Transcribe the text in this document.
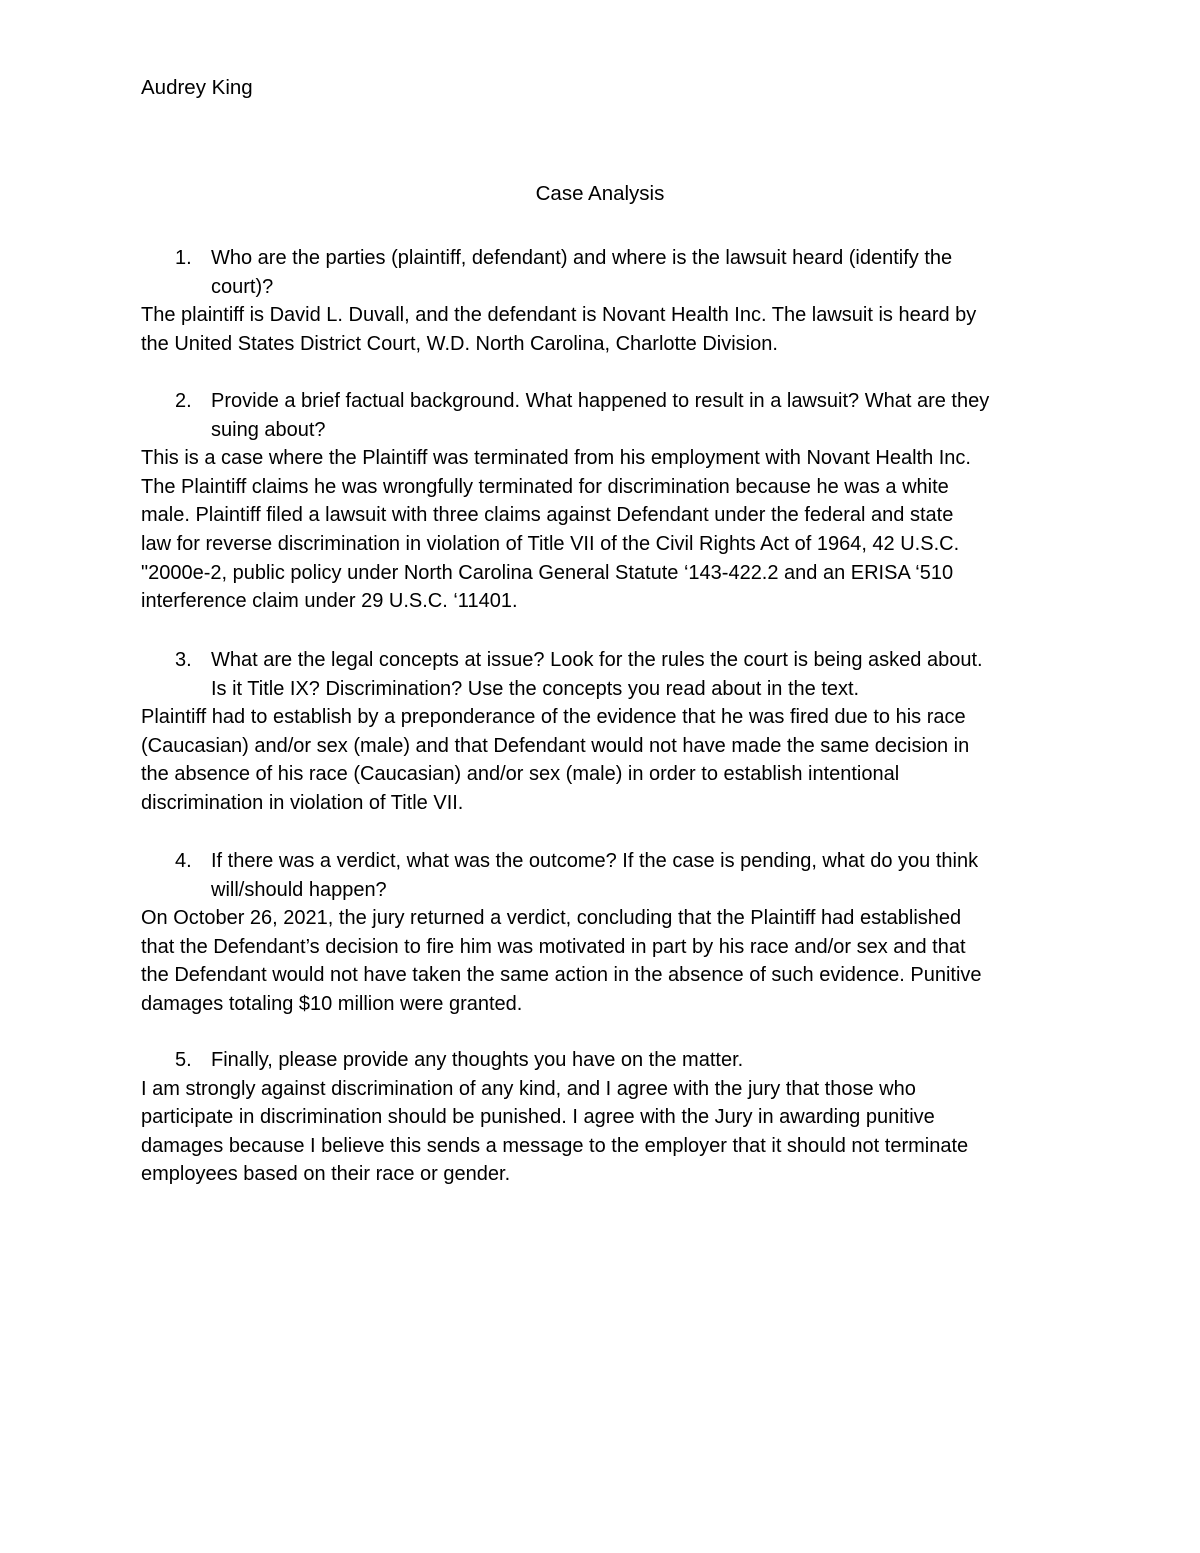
Audrey King
Case Analysis
1. Who are the parties (plaintiff, defendant) and where is the lawsuit heard (identify the
court)?
The plaintiff is David L. Duvall, and the defendant is Novant Health Inc. The lawsuit is heard by
the United States District Court, W.D. North Carolina, Charlotte Division.
2. Provide a brief factual background. What happened to result in a lawsuit? What are they
suing about?
This is a case where the Plaintiff was terminated from his employment with Novant Health Inc.
The Plaintiff claims he was wrongfully terminated for discrimination because he was a white
male. Plaintiff filed a lawsuit with three claims against Defendant under the federal and state
law for reverse discrimination in violation of Title VII of the Civil Rights Act of 1964, 42 U.S.C.
"2000e-2, public policy under North Carolina General Statute ‘143-422.2 and an ERISA ‘510
interference claim under 29 U.S.C. ‘11401.
3. What are the legal concepts at issue? Look for the rules the court is being asked about.
Is it Title IX? Discrimination? Use the concepts you read about in the text.
Plaintiff had to establish by a preponderance of the evidence that he was fired due to his race
(Caucasian) and/or sex (male) and that Defendant would not have made the same decision in
the absence of his race (Caucasian) and/or sex (male) in order to establish intentional
discrimination in violation of Title VII.
4. If there was a verdict, what was the outcome? If the case is pending, what do you think
will/should happen?
On October 26, 2021, the jury returned a verdict, concluding that the Plaintiff had established
that the Defendant’s decision to fire him was motivated in part by his race and/or sex and that
the Defendant would not have taken the same action in the absence of such evidence. Punitive
damages totaling $10 million were granted.
5. Finally, please provide any thoughts you have on the matter.
I am strongly against discrimination of any kind, and I agree with the jury that those who
participate in discrimination should be punished. I agree with the Jury in awarding punitive
damages because I believe this sends a message to the employer that it should not terminate
employees based on their race or gender.
